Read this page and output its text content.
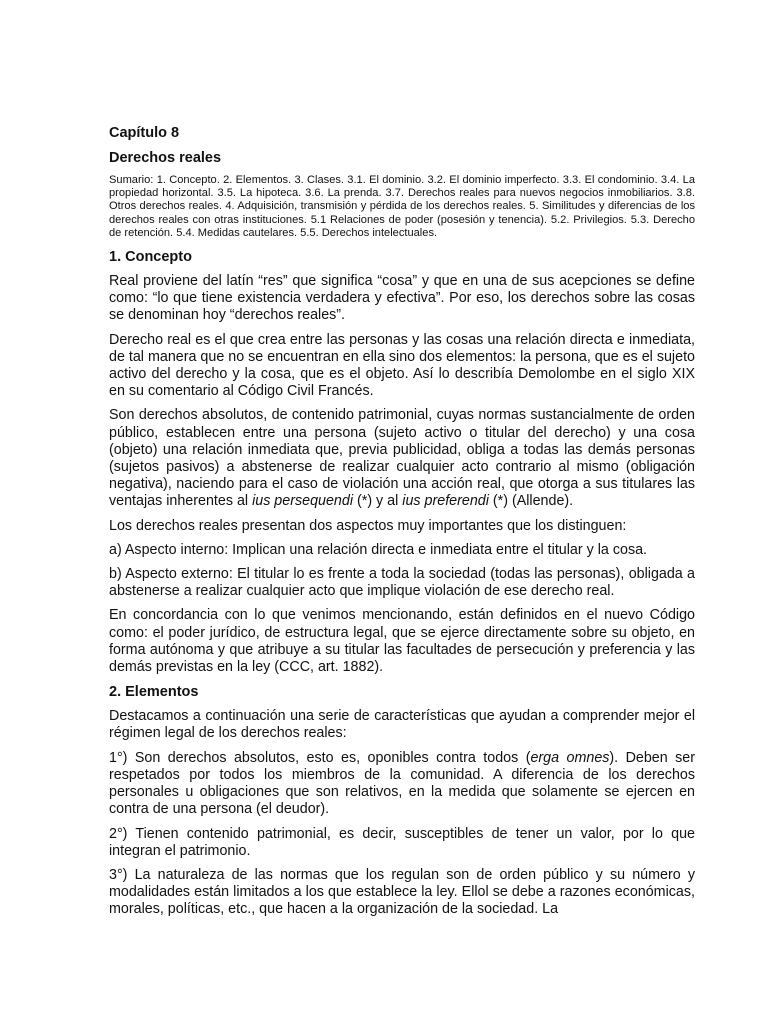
Capítulo 8
Derechos reales
Sumario: 1. Concepto. 2. Elementos. 3. Clases. 3.1. El dominio. 3.2. El dominio imperfecto. 3.3. El condominio. 3.4. La propiedad horizontal. 3.5. La hipoteca. 3.6. La prenda. 3.7. Derechos reales para nuevos negocios inmobiliarios. 3.8. Otros derechos reales. 4. Adquisición, transmisión y pérdida de los derechos reales. 5. Similitudes y diferencias de los derechos reales con otras instituciones. 5.1 Relaciones de poder (posesión y tenencia). 5.2. Privilegios. 5.3. Derecho de retención. 5.4. Medidas cautelares. 5.5. Derechos intelectuales.
1. Concepto

Real proviene del latín “res” que significa “cosa” y que en una de sus acepciones se define como: “lo que tiene existencia verdadera y efectiva”. Por eso, los derechos sobre las cosas se denominan hoy “derechos reales”.

Derecho real es el que crea entre las personas y las cosas una relación directa e inmediata, de tal manera que no se encuentran en ella sino dos elementos: la persona, que es el sujeto activo del derecho y la cosa, que es el objeto. Así lo describía Demolombe en el siglo XIX en su comentario al Código Civil Francés.

Son derechos absolutos, de contenido patrimonial, cuyas normas sustancialmente de orden público, establecen entre una persona (sujeto activo o titular del derecho) y una cosa (objeto) una relación inmediata que, previa publicidad, obliga a todas las demás personas (sujetos pasivos) a abstenerse de realizar cualquier acto contrario al mismo (obligación negativa), naciendo para el caso de violación una acción real, que otorga a sus titulares las ventajas inherentes al ius persequendi (*) y al ius preferendi (*) (Allende).

Los derechos reales presentan dos aspectos muy importantes que los distinguen:

a) Aspecto interno: Implican una relación directa e inmediata entre el titular y la cosa.

b) Aspecto externo: El titular lo es frente a toda la sociedad (todas las personas), obligada a abstenerse a realizar cualquier acto que implique violación de ese derecho real.

En concordancia con lo que venimos mencionando, están definidos en el nuevo Código como: el poder jurídico, de estructura legal, que se ejerce directamente sobre su objeto, en forma autónoma y que atribuye a su titular las facultades de persecución y preferencia y las demás previstas en la ley (CCC, art. 1882).

2. Elementos

Destacamos a continuación una serie de características que ayudan a comprender mejor el régimen legal de los derechos reales:

1°) Son derechos absolutos, esto es, oponibles contra todos (erga omnes). Deben ser respetados por todos los miembros de la comunidad. A diferencia de los derechos personales u obligaciones que son relativos, en la medida que solamente se ejercen en contra de una persona (el deudor).

2°) Tienen contenido patrimonial, es decir, susceptibles de tener un valor, por lo que integran el patrimonio.

3°) La naturaleza de las normas que los regulan son de orden público y su número y modalidades están limitados a los que establece la ley. Ellol se debe a razones económicas, morales, políticas, etc., que hacen a la organización de la sociedad. La
